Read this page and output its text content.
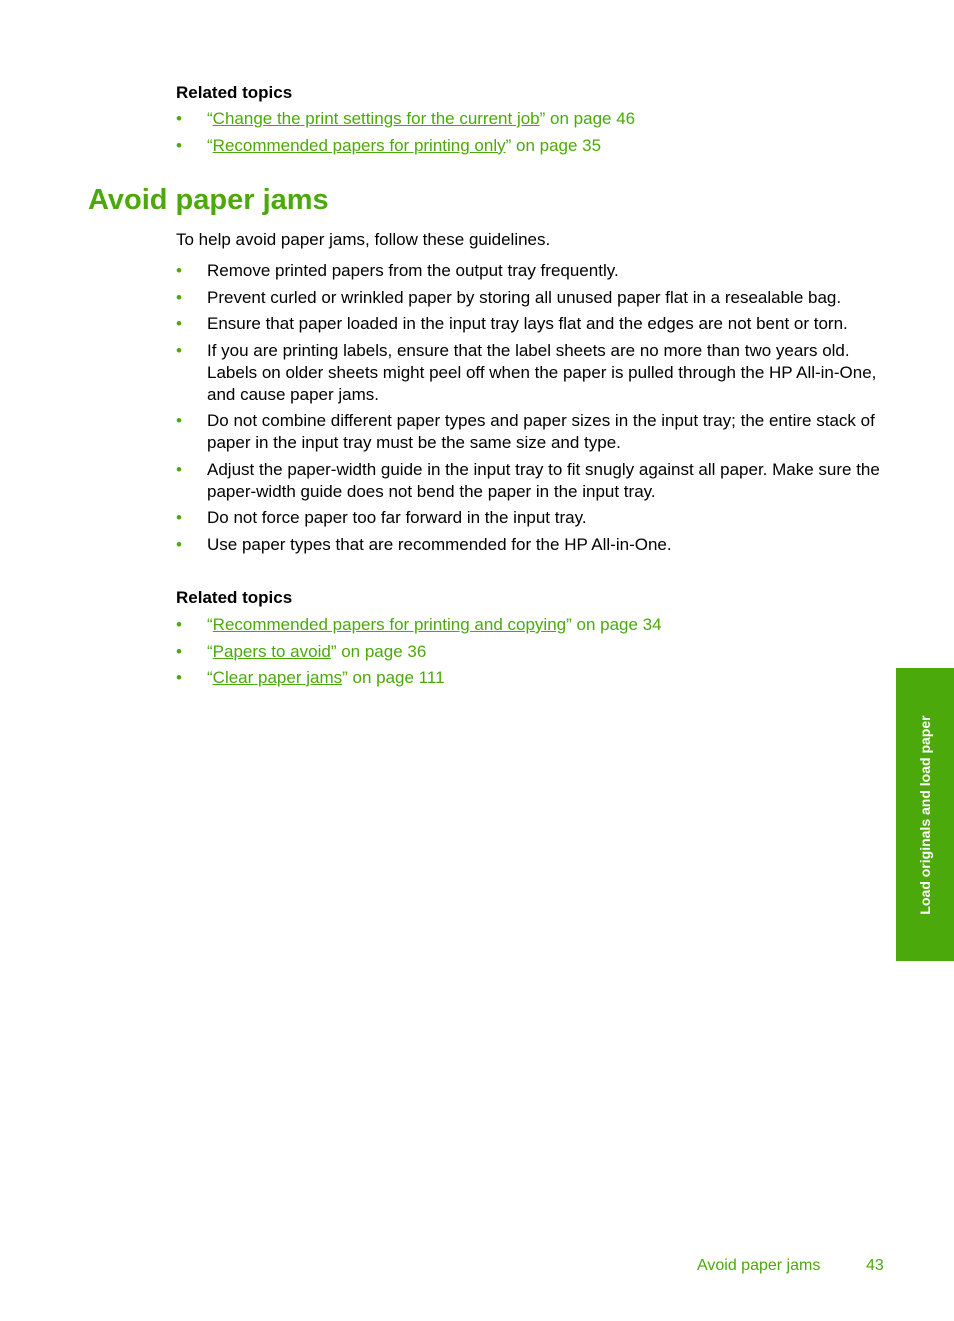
Related topics
• “Change the print settings for the current job” on page 46
• “Recommended papers for printing only” on page 35
Avoid paper jams

To help avoid paper jams, follow these guidelines.

• Remove printed papers from the output tray frequently.
• Prevent curled or wrinkled paper by storing all unused paper flat in a resealable bag.
• Ensure that paper loaded in the input tray lays flat and the edges are not bent or torn.
• If you are printing labels, ensure that the label sheets are no more than two years old. Labels on older sheets might peel off when the paper is pulled through the HP All-in-One, and cause paper jams.
• Do not combine different paper types and paper sizes in the input tray; the entire stack of paper in the input tray must be the same size and type.
• Adjust the paper-width guide in the input tray to fit snugly against all paper. Make sure the paper-width guide does not bend the paper in the input tray.
• Do not force paper too far forward in the input tray.
• Use paper types that are recommended for the HP All-in-One.
Related topics
• “Recommended papers for printing and copying” on page 34
• “Papers to avoid” on page 36
• “Clear paper jams” on page 111
Load originals and load paper
Avoid paper jams	43
